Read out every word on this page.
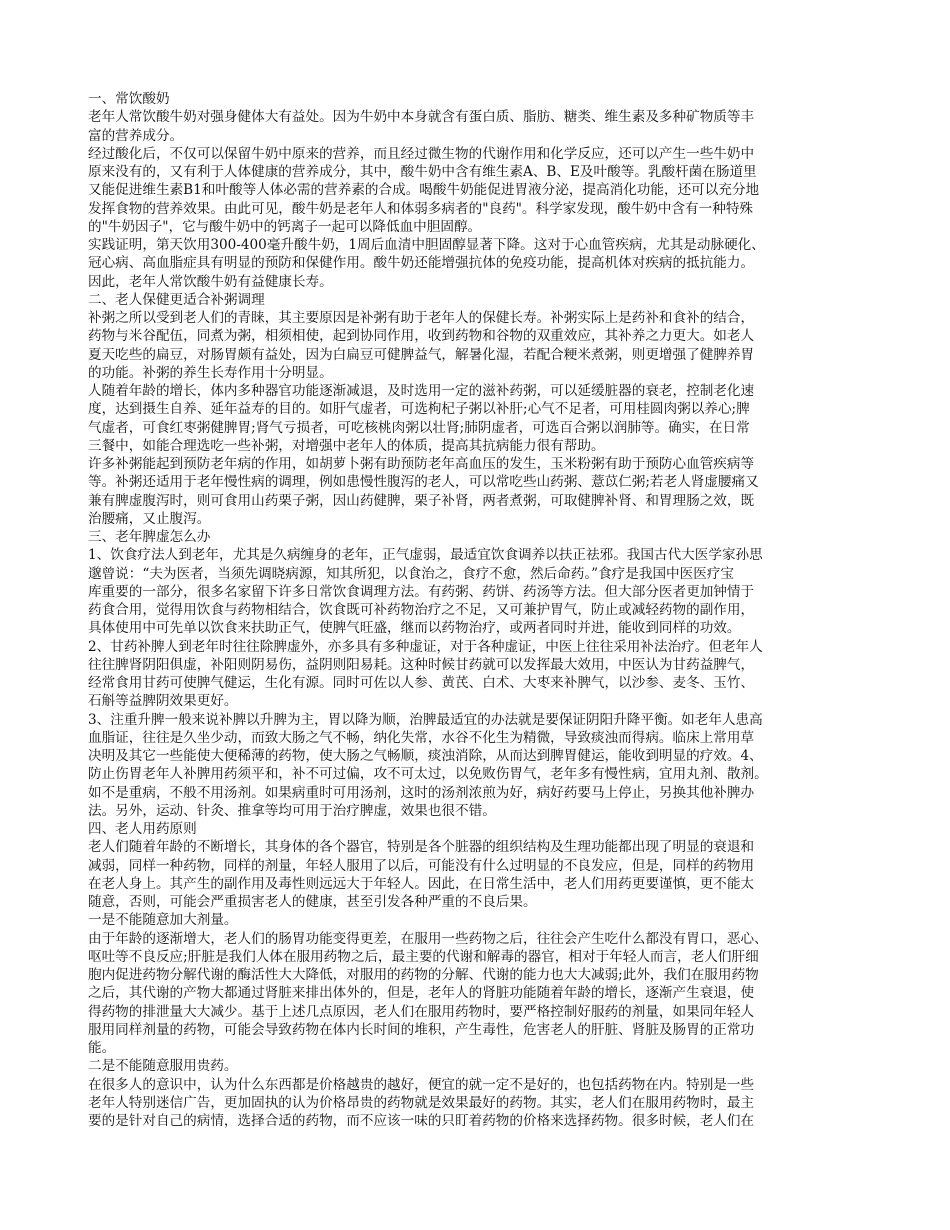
一、常饮酸奶
老年人常饮酸牛奶对强身健体大有益处。因为牛奶中本身就含有蛋白质、脂肪、糖类、维生素及多种矿物质等丰
富的营养成分。
经过酸化后，不仅可以保留牛奶中原来的营养，而且经过微生物的代谢作用和化学反应，还可以产生一些牛奶中
原来没有的，又有利于人体健康的营养成分，其中，酸牛奶中含有维生素A、B、E及叶酸等。乳酸杆菌在肠道里
又能促进维生素B1和叶酸等人体必需的营养素的合成。喝酸牛奶能促进胃液分泌，提高消化功能，还可以充分地
发挥食物的营养效果。由此可见，酸牛奶是老年人和体弱多病者的"良药"。科学家发现，酸牛奶中含有一种特殊
的"牛奶因子"，它与酸牛奶中的钙离子一起可以降低血中胆固醇。
实践证明，第天饮用300-400毫升酸牛奶，1周后血清中胆固醇显著下降。这对于心血管疾病，尤其是动脉硬化、
冠心病、高血脂症具有明显的预防和保健作用。酸牛奶还能增强抗体的免疫功能，提高机体对疾病的抵抗能力。
因此，老年人常饮酸牛奶有益健康长寿。
二、老人保健更适合补粥调理
补粥之所以受到老人们的青睐，其主要原因是补粥有助于老年人的保健长寿。补粥实际上是药补和食补的结合，
药物与米谷配伍，同煮为粥，相须相使，起到协同作用，收到药物和谷物的双重效应，其补养之力更大。如老人
夏天吃些的扁豆，对肠胃颇有益处，因为白扁豆可健脾益气，解暑化湿，若配合粳米煮粥，则更增强了健脾养胃
的功能。补粥的养生长寿作用十分明显。
人随着年龄的增长，体内多种器官功能逐渐减退，及时选用一定的滋补药粥，可以延缓脏器的衰老，控制老化速
度，达到摄生自养、延年益寿的目的。如肝气虚者，可选枸杞子粥以补肝;心气不足者，可用桂圆肉粥以养心;脾
气虚者，可食红枣粥健脾胃;肾气亏损者，可吃核桃肉粥以壮肾;肺阴虚者，可选百合粥以润肺等。确实，在日常
三餐中，如能合理选吃一些补粥，对增强中老年人的体质，提高其抗病能力很有帮助。
许多补粥能起到预防老年病的作用，如胡萝卜粥有助预防老年高血压的发生，玉米粉粥有助于预防心血管疾病等
等。补粥还适用于老年慢性病的调理，例如患慢性腹泻的老人，可以常吃些山药粥、薏苡仁粥;若老人肾虚腰痛又
兼有脾虚腹泻时，则可食用山药栗子粥，因山药健脾，栗子补肾，两者煮粥，可取健脾补肾、和胃理肠之效，既
治腰痛，又止腹泻。
三、老年脾虚怎么办
1、饮食疗法人到老年，尤其是久病缠身的老年，正气虚弱，最适宜饮食调养以扶正祛邪。我国古代大医学家孙思
邈曾说：“夫为医者，当须先调晓病源，知其所犯，以食治之，食疗不愈，然后命药。”食疗是我国中医医疗宝
库重要的一部分，很多名家留下许多日常饮食调理方法。有药粥、药饼、药汤等方法。但大部分医者更加钟情于
药食合用，觉得用饮食与药物相结合，饮食既可补药物治疗之不足，又可兼护胃气，防止或减轻药物的副作用，
具体使用中可先单以饮食来扶助正气，使脾气旺盛，继而以药物治疗，或两者同时并进，能收到同样的功效。
2、甘药补脾人到老年时往往除脾虚外，亦多具有多种虚证，对于各种虚证，中医上往往采用补法治疗。但老年人
往往脾肾阴阳俱虚，补阳则阴易伤，益阴则阳易耗。这种时候甘药就可以发挥最大效用，中医认为甘药益脾气，
经常食用甘药可使脾气健运，生化有源。同时可佐以人参、黄芪、白术、大枣来补脾气，以沙参、麦冬、玉竹、
石斛等益脾阴效果更好。
3、注重升脾一般来说补脾以升脾为主，胃以降为顺，治脾最适宜的办法就是要保证阴阳升降平衡。如老年人患高
血脂证，往往是久坐少动，而致大肠之气不畅，纳化失常，水谷不化生为精微，导致痰浊而得病。临床上常用草
决明及其它一些能使大便稀薄的药物，使大肠之气畅顺，痰浊消除，从而达到脾胃健运，能收到明显的疗效。4、
防止伤胃老年人补脾用药须平和，补不可过偏，攻不可太过，以免败伤胃气，老年多有慢性病，宜用丸剂、散剂。
如不是重病，不般不用汤剂。如果病重时可用汤剂，这时的汤剂浓煎为好，病好药要马上停止，另换其他补脾办
法。另外，运动、针灸、推拿等均可用于治疗脾虚，效果也很不错。
四、老人用药原则
老人们随着年龄的不断增长，其身体的各个器官，特别是各个脏器的组织结构及生理功能都出现了明显的衰退和
减弱，同样一种药物，同样的剂量，年轻人服用了以后，可能没有什么过明显的不良发应，但是，同样的药物用
在老人身上。其产生的副作用及毒性则远远大于年轻人。因此，在日常生活中，老人们用药更要谨慎，更不能太
随意，否则，可能会严重损害老人的健康，甚至引发各种严重的不良后果。
一是不能随意加大剂量。
由于年龄的逐渐增大，老人们的肠胃功能变得更差，在服用一些药物之后，往往会产生吃什么都没有胃口，恶心、
呕吐等不良反应;肝脏是我们人体在服用药物之后，最主要的代谢和解毒的器官，相对于年轻人而言，老人们肝细
胞内促进药物分解代谢的酶活性大大降低，对服用的药物的分解、代谢的能力也大大减弱;此外，我们在服用药物
之后，其代谢的产物大都通过肾脏来排出体外的，但是，老年人的肾脏功能随着年龄的增长，逐渐产生衰退，使
得药物的排泄量大大减少。基于上述几点原因，老人们在服用药物时，要严格控制好服药的剂量，如果同年轻人
服用同样剂量的药物，可能会导致药物在体内长时间的堆积，产生毒性，危害老人的肝脏、肾脏及肠胃的正常功
能。
二是不能随意服用贵药。
在很多人的意识中，认为什么东西都是价格越贵的越好，便宜的就一定不是好的，也包括药物在内。特别是一些
老年人特别迷信广告，更加固执的认为价格昂贵的药物就是效果最好的药物。其实，老人们在服用药物时，最主
要的是针对自己的病情，选择合适的药物，而不应该一味的只盯着药物的价格来选择药物。很多时候，老人们在
